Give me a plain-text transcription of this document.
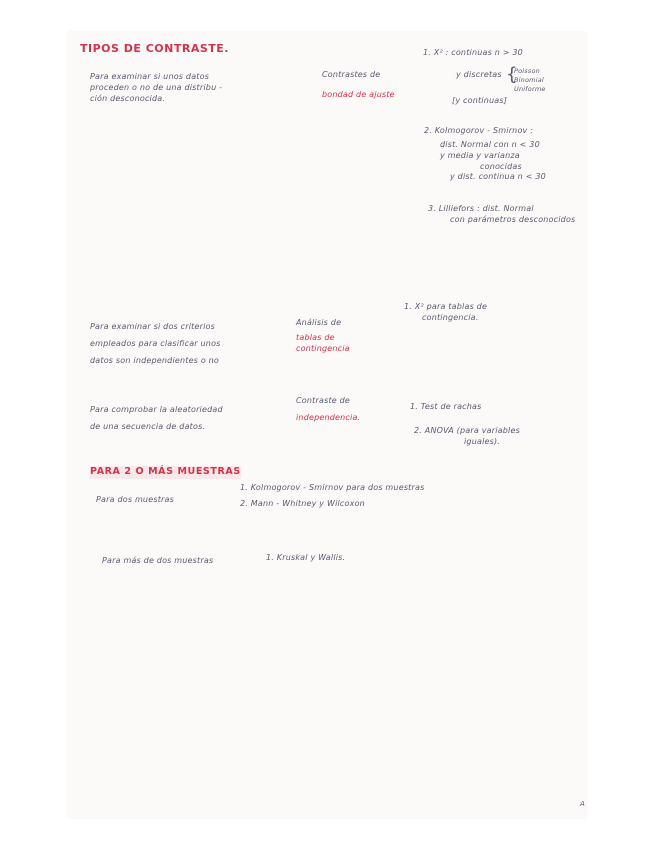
TIPOS DE CONTRASTE.
Para examinar si unos datos
proceden o no de una distribu -
ción desconocida.
Contrastes de
bondad de ajuste
1. X² : continuas n > 30
y discretas {
Poisson
Binomial
Uniforme
[y continuas]
2. Kolmogorov - Smirnov :
dist. Normal con n < 30
y media y varianza
conocidas
y dist. continua n < 30
3. Lilliefors : dist. Normal
con parámetros desconocidos
Para examinar si dos criterios
empleados para clasificar unos
datos son independientes o no
Análisis de
tablas de
contingencia
1. X² para tablas de
contingencia.
Para comprobar la aleatoriedad
de una secuencia de datos.
Contraste de
independencia.
1. Test de rachas
2. ANOVA (para variables
iguales).
PARA 2 O MÁS MUESTRAS
Para dos muestras
1. Kolmogorov - Smirnov para dos muestras
2. Mann - Whitney y Wilcoxon
Para más de dos muestras	1. Kruskal y Wallis.
A
